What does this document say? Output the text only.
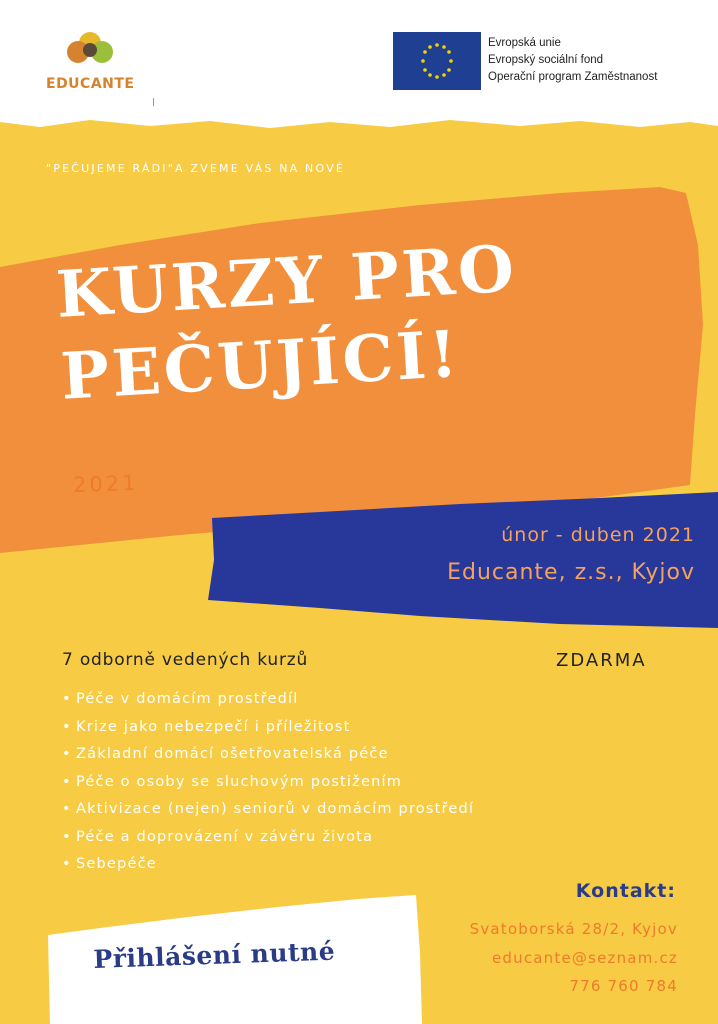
EDUCANTE
Evropská unie
Evropský sociální fond
Operační program Zaměstnanost
"PEČUJEME RÁDI"A ZVEME VÁS NA NOVÉ
KURZY PRO
PEČUJÍCÍ!
2021
únor - duben 2021
Educante, z.s., Kyjov
7 odborně vedených kurzů	ZDARMA
• Péče v domácím prostředíl
• Krize jako nebezpečí i příležitost
• Základní domácí ošetřovatelská péče
• Péče o osoby se sluchovým postižením
• Aktivizace (nejen) seniorů v domácím prostředí
• Péče a doprovázení v závěru života
• Sebepéče
Kontakt:
Svatoborská 28/2, Kyjov
educante@seznam.cz
776 760 784
Přihlášení nutné
